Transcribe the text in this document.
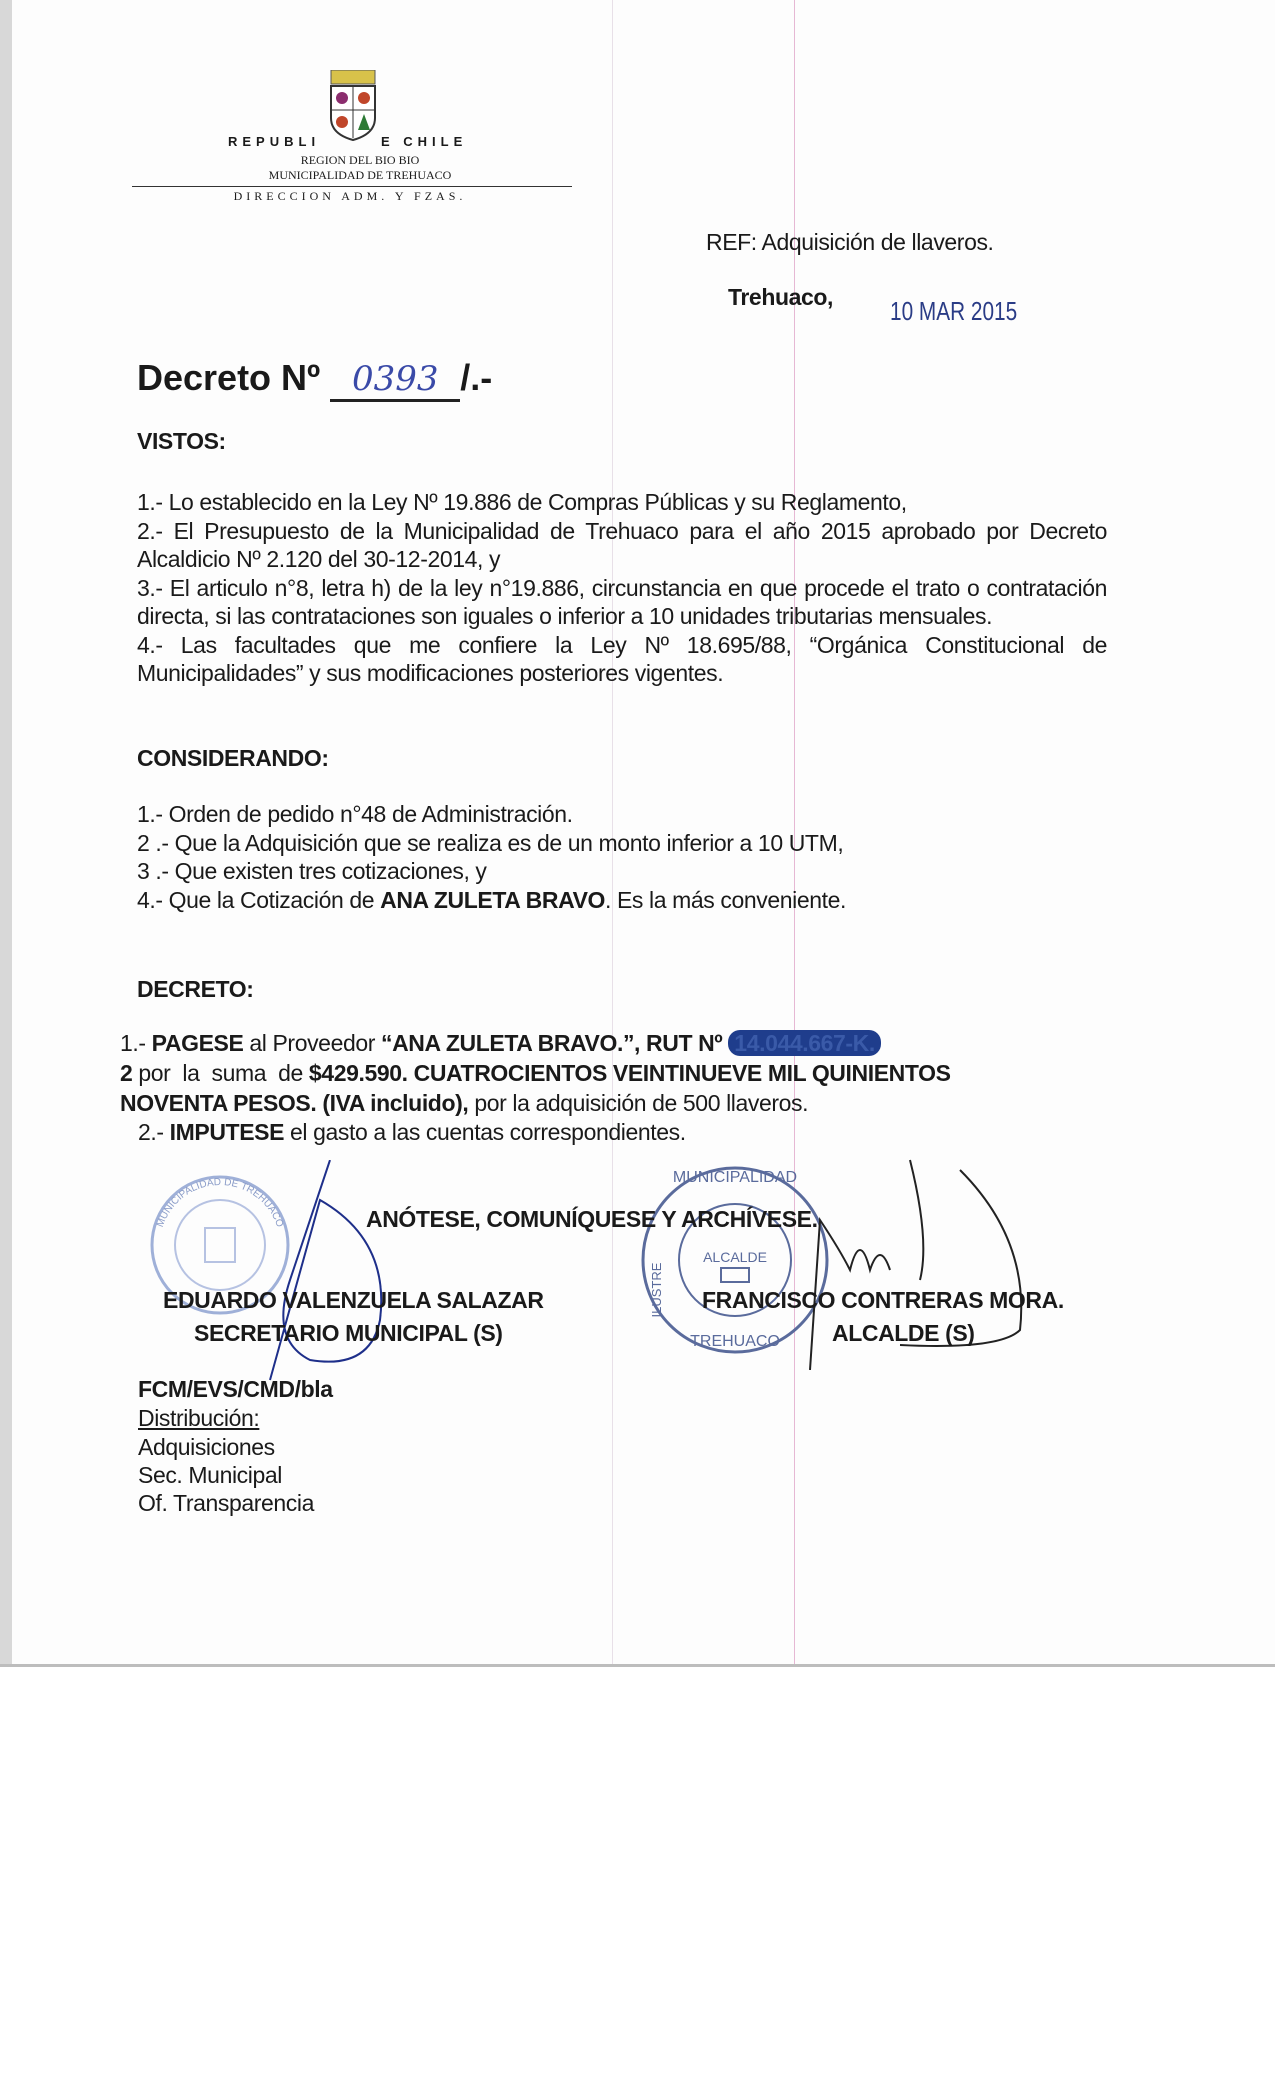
REPUBLI	E CHILE
REGION DEL BIO BIO
MUNICIPALIDAD DE TREHUACO
DIRECCION ADM. Y FZAS.
REF: Adquisición de llaveros.
Trehuaco, 10 MAR 2015
Decreto Nº 0393 /.-
VISTOS:
1.- Lo establecido en la Ley Nº 19.886 de Compras Públicas y su Reglamento,
2.- El Presupuesto de la Municipalidad de Trehuaco para el año 2015 aprobado por Decreto Alcaldicio Nº 2.120 del 30-12-2014, y
3.- El articulo n°8, letra h) de la ley n°19.886, circunstancia en que procede el trato o contratación directa, si las contrataciones son iguales o inferior a 10 unidades tributarias mensuales.
4.- Las facultades que me confiere la Ley Nº 18.695/88, “Orgánica Constitucional de Municipalidades” y sus modificaciones posteriores vigentes.
CONSIDERANDO:
1.- Orden de pedido n°48 de Administración.
2 .- Que la Adquisición que se realiza es de un monto inferior a 10 UTM,
3 .- Que existen tres cotizaciones, y
4.- Que la Cotización de ANA ZULETA BRAVO. Es la más conveniente.
DECRETO:
1.- PAGESE al Proveedor “ANA ZULETA BRAVO.”, RUT Nº 14.044.667-K.
2 por  la  suma  de $429.590. CUATROCIENTOS VEINTINUEVE MIL QUINIENTOS
NOVENTA PESOS. (IVA incluido), por la adquisición de 500 llaveros.
2.- IMPUTESE el gasto a las cuentas correspondientes.
MUNICIPALIDAD DE TREHUACO
MUNICIPALIDAD
TREHUACO
ALCALDE
ILUSTRE
ANÓTESE, COMUNÍQUESE Y ARCHÍVESE.
EDUARDO VALENZUELA SALAZAR
SECRETARIO MUNICIPAL (S)
FRANCISCO CONTRERAS MORA.
ALCALDE (S)
FCM/EVS/CMD/bla
Distribución:
Adquisiciones
Sec. Municipal
Of. Transparencia
